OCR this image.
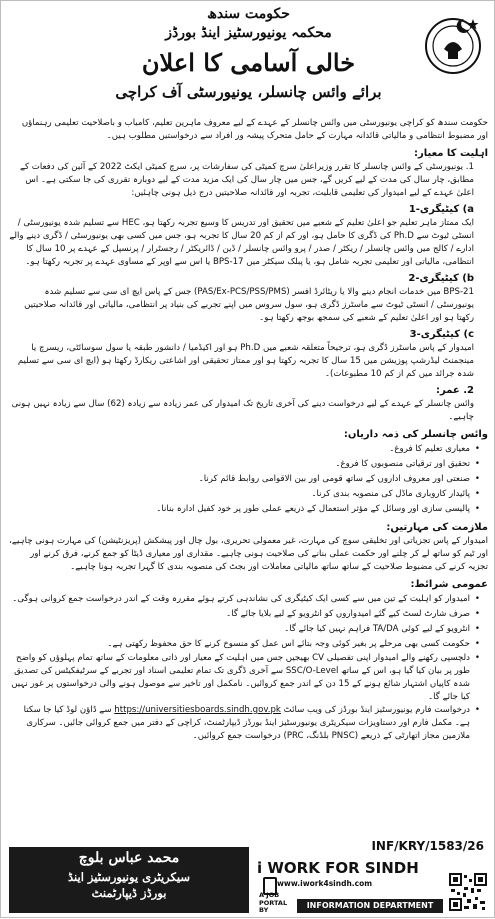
حکومت سندھ
محکمہ یونیورسٹیز اینڈ بورڈز
خالی آسامی کا اعلان
برائے وائس چانسلر، یونیورسٹی آف کراچی

حکومت سندھ کو کراچی یونیورسٹی میں وائس چانسلر کے عہدے کے لیے معروف ماہرین تعلیم، کامیاب و باصلاحیت تعلیمی رہنماؤں اور مضبوط انتظامی و مالیاتی قائدانہ مہارت کے حامل متحرک پیشہ ور افراد سے درخواستیں مطلوب ہیں۔

اہلیت کا معیار:

1. یونیورسٹی کے وائس چانسلر کا تقرر وزیراعلیٰ سرچ کمیٹی کی سفارشات پر، سرچ کمیٹی ایکٹ 2022 کے آئین کی دفعات کے مطابق، چار سال کی مدت کے لیے کریں گے، جس میں چار سال کی ایک مزید مدت کے لیے دوبارہ تقرری کی جا سکتی ہے۔ اس اعلیٰ عہدے کے لیے امیدوار کی تعلیمی قابلیت، تجربہ اور قائدانہ صلاحیتیں درج ذیل ہونی چاہئیں:

a) کیٹیگری-1

ایک ممتاز ماہر تعلیم جو اعلیٰ تعلیم کے شعبے میں تحقیق اور تدریس کا وسیع تجربہ رکھتا ہو، HEC سے تسلیم شدہ یونیورسٹی / انسٹی ٹیوٹ سے Ph.D کی ڈگری کا حامل ہو، اور کم از کم 20 سال کا تجربہ ہو، جس میں کسی بھی یونیورسٹی / ڈگری دینے والے ادارے / کالج میں وائس چانسلر / ریکٹر / صدر / پرو وائس چانسلر / ڈین / ڈائریکٹر / رجسٹرار / پرنسپل کے عہدے پر 10 سال کا انتظامی، مالیاتی اور تعلیمی تجربہ شامل ہو، یا پبلک سیکٹر میں BPS-17 یا اس سے اوپر کے مساوی عہدے پر تجربہ رکھتا ہو۔

b) کیٹیگری-2

BPS-21 میں خدمات انجام دینے والا یا ریٹائرڈ افسر (PAS/Ex-PCS/PSS/PMS) جس کے پاس ایچ ای سی سے تسلیم شدہ یونیورسٹی / انسٹی ٹیوٹ سے ماسٹرز ڈگری ہو، سول سروس میں اپنے تجربے کی بنیاد پر انتظامی، مالیاتی اور قائدانہ صلاحیتیں رکھتا ہو اور اعلیٰ تعلیم کے شعبے کی سمجھ بوجھ رکھتا ہو۔

c) کیٹیگری-3

امیدوار کے پاس ماسٹرز ڈگری ہو، ترجیحاً متعلقہ شعبے میں Ph.D ہو اور اکیڈمیا / دانشور طبقہ یا سول سوسائٹی، ریسرچ یا مینجمنٹ لیڈرشپ پوزیشن میں 15 سال کا تجربہ رکھتا ہو اور ممتاز تحقیقی اور اشاعتی ریکارڈ رکھتا ہو (ایچ ای سی سے تسلیم شدہ جرائد میں کم از کم 10 مطبوعات)۔

2. عمر:

وائس چانسلر کے عہدے کے لیے درخواست دینے کی آخری تاریخ تک امیدوار کی عمر زیادہ سے زیادہ (62) سال سے زیادہ نہیں ہونی چاہیے۔

وائس چانسلر کی ذمہ داریاں:
• معیاری تعلیم کا فروغ۔
• تحقیق اور ترقیاتی منصوبوں کا فروغ۔
• صنعتی اور معروف اداروں کے ساتھ قومی اور بین الاقوامی روابط قائم کرنا۔
• پائیدار کاروباری ماڈل کی منصوبہ بندی کرنا۔
• پالیسی سازی اور وسائل کے مؤثر استعمال کے ذریعے عملی طور پر خود کفیل ادارہ بنانا۔
ملازمت کی مہارتیں:

امیدوار کے پاس تجزیاتی اور تخلیقی سوچ کی مہارت، غیر معمولی تحریری، بول چال اور پیشکش (پریزنٹیشن) کی مہارت ہونی چاہیے، اور ٹیم کو ساتھ لے کر چلنے اور حکمت عملی بنانے کی صلاحیت ہونی چاہیے۔ مقداری اور معیاری ڈیٹا کو جمع کرنے، فرق کرنے اور تجزیہ کرنے کی مضبوط صلاحیت کے ساتھ ساتھ مالیاتی معاملات اور بجٹ کی منصوبہ بندی کا گہرا تجربہ ہونا چاہیے۔

عمومی شرائط:
• امیدوار کو اہلیت کے تین میں سے کسی ایک کیٹیگری کی نشاندہی کرتے ہوئے مقررہ وقت کے اندر درخواست جمع کروانی ہوگی۔
• صرف شارٹ لسٹ کیے گئے امیدواروں کو انٹرویو کے لیے بلایا جائے گا۔
• انٹرویو کے لیے کوئی TA/DA فراہم نہیں کیا جائے گا۔
• حکومت کسی بھی مرحلے پر بغیر کوئی وجہ بتائے اس عمل کو منسوخ کرنے کا حق محفوظ رکھتی ہے۔
• دلچسپی رکھنے والے امیدوار اپنی تفصیلی CV بھیجیں جس میں اہلیت کے معیار اور ذاتی معلومات کے ساتھ تمام پہلوؤں کو واضح طور پر بیان کیا گیا ہو، اس کے ساتھ SSC/O-Level سے آخری ڈگری تک تمام تعلیمی اسناد اور تجربے کے سرٹیفکیٹس کی تصدیق شدہ کاپیاں اشتہار شائع ہونے کے 15 دن کے اندر جمع کروائیں۔ نامکمل اور تاخیر سے موصول ہونے والی درخواستوں پر غور نہیں کیا جائے گا۔
• درخواست فارم یونیورسٹیز اینڈ بورڈز کی ویب سائٹ https://universitiesboards.sindh.gov.pk سے ڈاؤن لوڈ کیا جا سکتا ہے۔ مکمل فارم اور دستاویزات سیکریٹری یونیورسٹیز اینڈ بورڈز ڈیپارٹمنٹ، کراچی کے دفتر میں جمع کروائی جائیں۔ سرکاری ملازمین مجاز اتھارٹی کے ذریعے (PNSC بلڈنگ، PRC) درخواست جمع کروائیں۔
محمد عباس بلوچ
سیکریٹری یونیورسٹیز اینڈ
بورڈز ڈیپارٹمنٹ
INF/KRY/1583/26
i WORK FOR SINDH
www.iwork4sindh.com
A JOB PORTAL BY	INFORMATION DEPARTMENT
